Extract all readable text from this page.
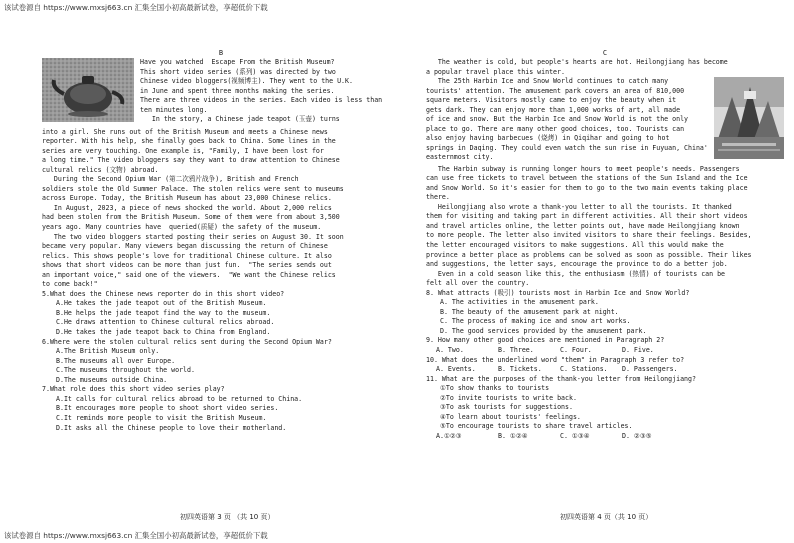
该试卷源自 https://www.mxsj663.cn 汇集全国小初高最新试卷，享超低价下载
该试卷源自 https://www.mxsj663.cn 汇集全国小初高最新试卷，享超低价下载
B
Have you watched  Escape From the British Museum?
This short video series (系列) was directed by two
Chinese video bloggers(视频博主). They went to the U.K.
in June and spent three months making the series.
There are three videos in the series. Each video is less than
ten minutes long.
In the story, a Chinese jade teapot (玉壶) turns
into a girl. She runs out of the British Museum and meets a Chinese news
reporter. With his help, she finally goes back to China. Some lines in the
series are very touching. One example is, "Family, I have been lost for
a long time." The video bloggers say they want to draw attention to Chinese
cultural relics (文物) abroad.
During the Second Opium War (第二次鸦片战争), British and French
soldiers stole the Old Summer Palace. The stolen relics were sent to museums
across Europe. Today, the British Museum has about 23,000 Chinese relics.
In August, 2023, a piece of news shocked the world. About 2,000 relics
had been stolen from the British Museum. Some of them were from about 3,500
years ago. Many countries have  queried(质疑) the safety of the museum.
The two video bloggers started posting their series on August 30. It soon
became very popular. Many viewers began discussing the return of Chinese
relics. This shows people's love for traditional Chinese culture. It also
shows that short videos can be more than just fun.  "The series sends out
an important voice," said one of the viewers.  "We want the Chinese relics
to come back!"
5.What does the Chinese news reporter do in this short video?
A.He takes the jade teapot out of the British Museum.
B.He helps the jade teapot find the way to the museum.
C.He draws attention to Chinese cultural relics abroad.
D.He takes the jade teapot back to China from England.
6.Where were the stolen cultural relics sent during the Second Opium War?
A.The British Museum only.
B.The museums all over Europe.
C.The museums throughout the world.
D.The museums outside China.
7.What role does this short video series play?
A.It calls for cultural relics abroad to be returned to China.
B.It encourages more people to shoot short video series.
C.It reminds more people to visit the British Museum.
D.It asks all the Chinese people to love their motherland.
初四英语第 3 页 （共 10 页）
C
The weather is cold, but people's hearts are hot. Heilongjiang has become
a popular travel place this winter.
The 25th Harbin Ice and Snow World continues to catch many
tourists' attention. The amusement park covers an area of 810,000
square meters. Visitors mostly came to enjoy the beauty when it
gets dark. They can enjoy more than 1,000 works of art, all made
of ice and snow. But the Harbin Ice and Snow World is not the only
place to go. There are many other good choices, too. Tourists can
also enjoy having barbecues (烧烤) in Qiqihar and going to hot
springs in Daqing. They could even watch the sun rise in Fuyuan, China'
easternmost city.
The Harbin subway is running longer hours to meet people's needs. Passengers
can use free tickets to travel between the stations of the Sun Island and the Ice
and Snow World. So it's easier for them to go to the two main events taking place
there.
Heilongjiang also wrote a thank-you letter to all the tourists. It thanked
them for visiting and taking part in different activities. All their short videos
and travel articles online, the letter points out, have made Heilongjiang known
to more people. The letter also invited visitors to share their feelings. Besides,
the letter encouraged visitors to make suggestions. All this would make the
province a better place as problems can be solved as soon as possible. Their likes
and suggestions, the letter says, encourage the province to do a better job.
Even in a cold season like this, the enthusiasm (热情) of tourists can be
felt all over the country.
8. What attracts (吸引) tourists most in Harbin Ice and Snow World?
A. The activities in the amusement park.
B. The beauty of the amusement park at night.
C. The process of making ice and snow art works.
D. The good services provided by the amusement park.
9. How many other good choices are mentioned in Paragraph 2?
A. Two.	B. Three.	C. Four.	D. Five.
10. What does the underlined word "them" in Paragraph 3 refer to?
A. Events.	B. Tickets.	C. Stations.	D. Passengers.
11. What are the purposes of the thank-you letter from Heilongjiang?
①To show thanks to tourists
②To invite tourists to write back.
③To ask tourists for suggestions.
④To learn about tourists' feelings.
⑤To encourage tourists to share travel articles.
A.①②③	B. ①②④	C. ①③④	D. ②③⑤
初四英语第 4 页（共 10 页）
